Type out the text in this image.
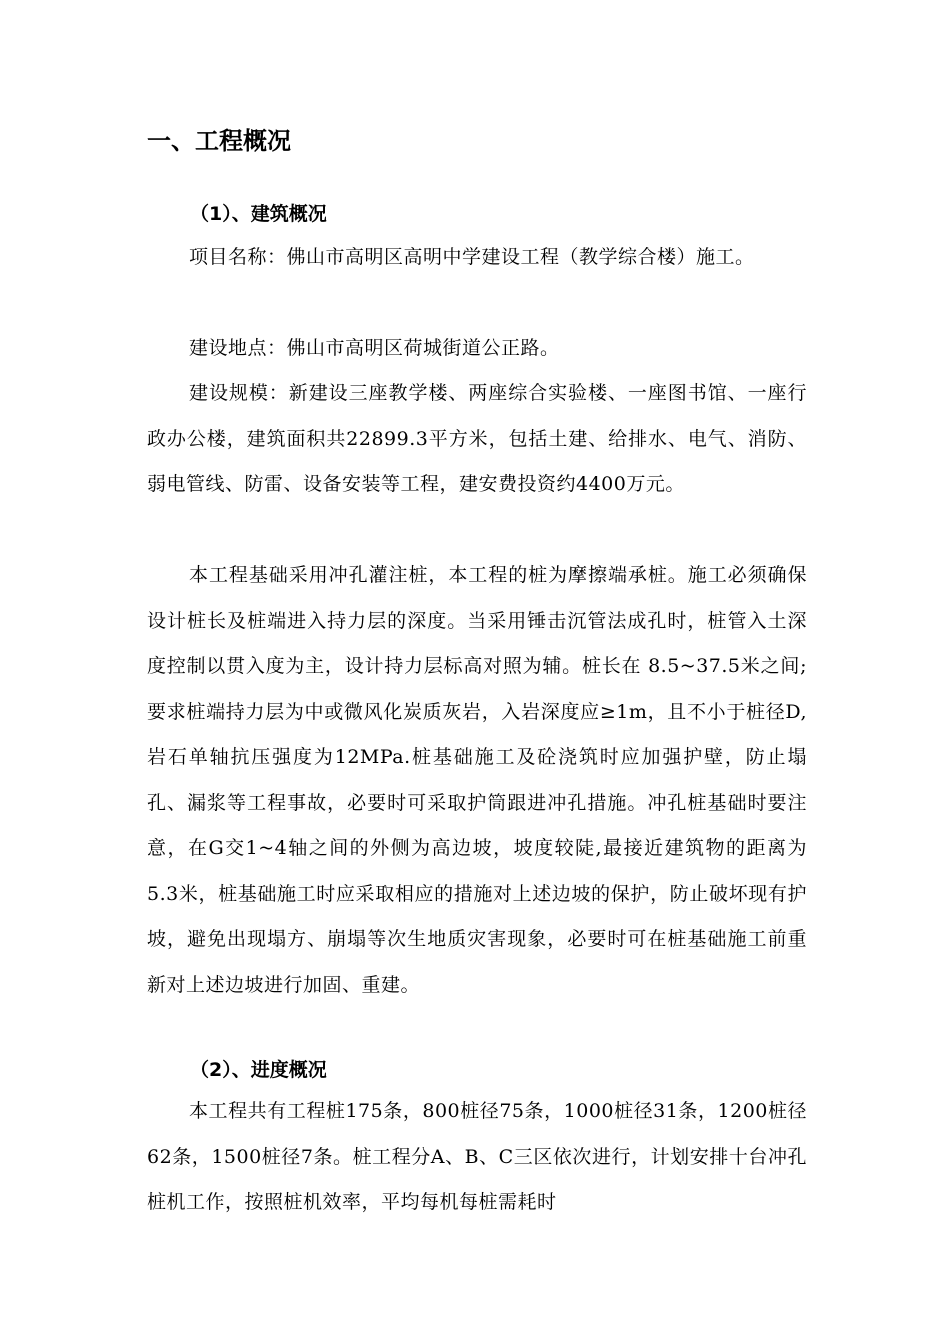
一、工程概况
（1）、建筑概况

项目名称：佛山市高明区高明中学建设工程（教学综合楼）施工。

建设地点：佛山市高明区荷城街道公正路。

建设规模：新建设三座教学楼、两座综合实验楼、一座图书馆、一座行政办公楼，建筑面积共22899.3平方米，包括土建、给排水、电气、消防、弱电管线、防雷、设备安装等工程，建安费投资约4400万元。

本工程基础采用冲孔灌注桩，本工程的桩为摩擦端承桩。施工必须确保设计桩长及桩端进入持力层的深度。当采用锤击沉管法成孔时，桩管入土深度控制以贯入度为主，设计持力层标高对照为辅。桩长在 8.5~37.5米之间;要求桩端持力层为中或微风化炭质灰岩，入岩深度应≥1m，且不小于桩径D,岩石单轴抗压强度为12MPa.桩基础施工及砼浇筑时应加强护壁，防止塌孔、漏浆等工程事故，必要时可采取护筒跟进冲孔措施。冲孔桩基础时要注意，在G交1~4轴之间的外侧为高边坡，坡度较陡,最接近建筑物的距离为5.3米，桩基础施工时应采取相应的措施对上述边坡的保护，防止破坏现有护坡，避免出现塌方、崩塌等次生地质灾害现象，必要时可在桩基础施工前重新对上述边坡进行加固、重建。

（2）、进度概况

本工程共有工程桩175条，800桩径75条，1000桩径31条，1200桩径62条，1500桩径7条。桩工程分A、B、C三区依次进行，计划安排十台冲孔桩机工作，按照桩机效率，平均每机每桩需耗时
